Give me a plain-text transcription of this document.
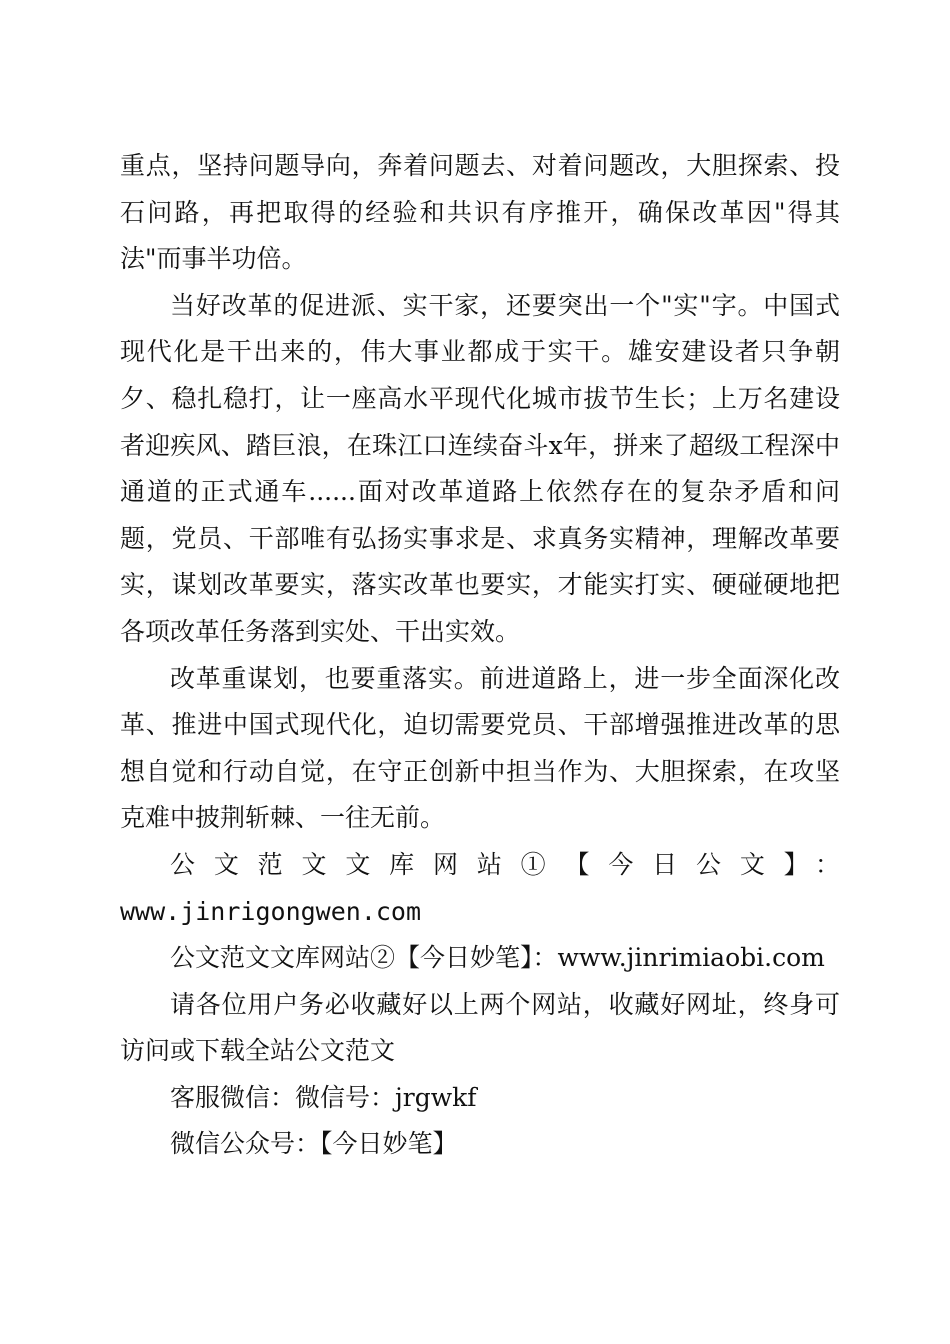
重点，坚持问题导向，奔着问题去、对着问题改，大胆探索、投石问路，再把取得的经验和共识有序推开，确保改革因"得其法"而事半功倍。

当好改革的促进派、实干家，还要突出一个"实"字。中国式现代化是干出来的，伟大事业都成于实干。雄安建设者只争朝夕、稳扎稳打，让一座高水平现代化城市拔节生长；上万名建设者迎疾风、踏巨浪，在珠江口连续奋斗x年，拼来了超级工程深中通道的正式通车......面对改革道路上依然存在的复杂矛盾和问题，党员、干部唯有弘扬实事求是、求真务实精神，理解改革要实，谋划改革要实，落实改革也要实，才能实打实、硬碰硬地把各项改革任务落到实处、干出实效。

改革重谋划，也要重落实。前进道路上，进一步全面深化改革、推进中国式现代化，迫切需要党员、干部增强推进改革的思想自觉和行动自觉，在守正创新中担当作为、大胆探索，在攻坚克难中披荆斩棘、一往无前。

公文范文文库网站①【今日公文】：

www.jinrigongwen.com

公文范文文库网站②【今日妙笔】：www.jinrimiaobi.com

请各位用户务必收藏好以上两个网站，收藏好网址，终身可访问或下载全站公文范文

客服微信：微信号：jrgwkf

微信公众号：【今日妙笔】
